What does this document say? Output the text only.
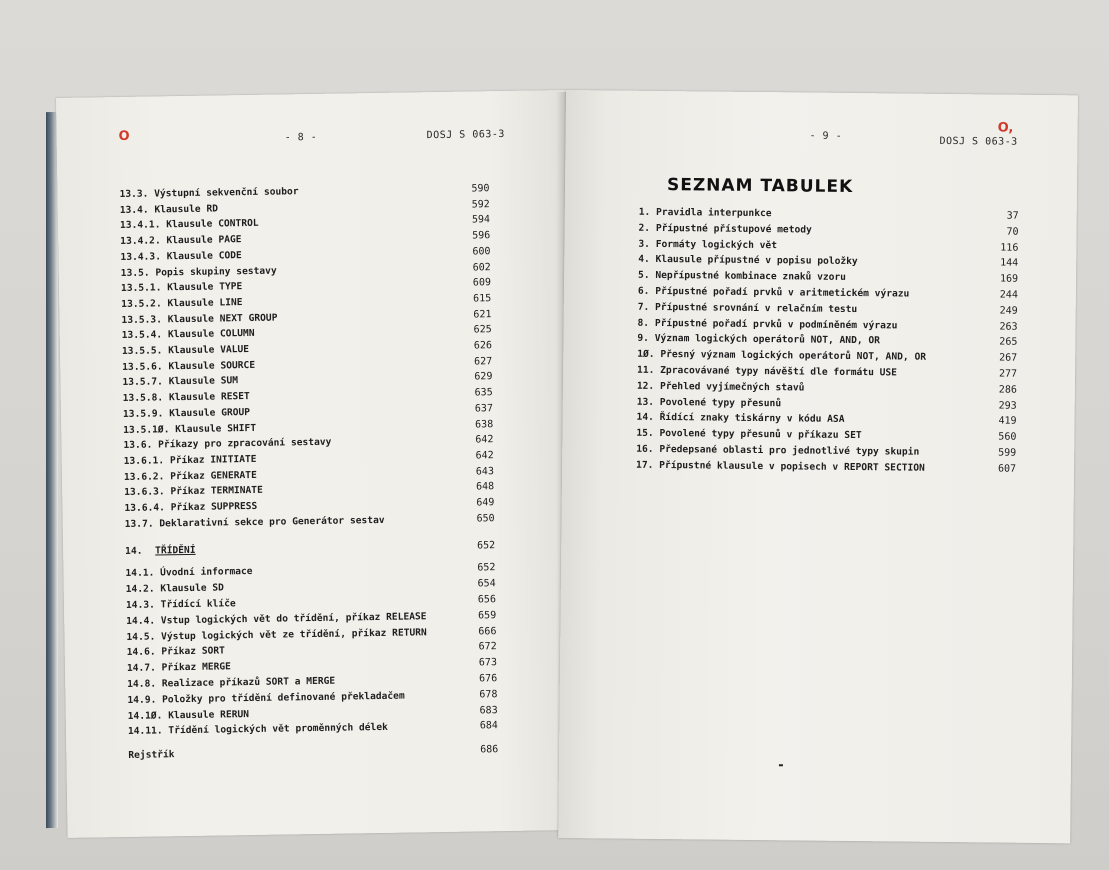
O	- 8 -	DOSJ S 063-3
13.3. Výstupní sekvenční soubor	590
13.4. Klausule RD	592
13.4.1. Klausule CONTROL	594
13.4.2. Klausule PAGE	596
13.4.3. Klausule CODE	600
13.5. Popis skupiny sestavy	602
13.5.1. Klausule TYPE	609
13.5.2. Klausule LINE	615
13.5.3. Klausule NEXT GROUP	621
13.5.4. Klausule COLUMN	625
13.5.5. Klausule VALUE	626
13.5.6. Klausule SOURCE	627
13.5.7. Klausule SUM	629
13.5.8. Klausule RESET	635
13.5.9. Klausule GROUP	637
13.5.1Ø. Klausule SHIFT	638
13.6. Příkazy pro zpracování sestavy	642
13.6.1. Příkaz INITIATE	642
13.6.2. Příkaz GENERATE	643
13.6.3. Příkaz TERMINATE	648
13.6.4. Příkaz SUPPRESS	649
13.7. Deklarativní sekce pro Generátor sestav	650
14. TŘÍDĚNÍ	652
14.1. Úvodní informace	652
14.2. Klausule SD	654
14.3. Třídící klíče	656
14.4. Vstup logických vět do třídění, příkaz RELEASE	659
14.5. Výstup logických vět ze třídění, příkaz RETURN	666
14.6. Příkaz SORT	672
14.7. Příkaz MERGE	673
14.8. Realizace příkazů SORT a MERGE	676
14.9. Položky pro třídění definované překladačem	678
14.1Ø. Klausule RERUN	683
14.11. Třídění logických vět proměnných délek	684
Rejstřík	686
- 9 -	DOSJ S 063-3
O,
SEZNAM TABULEK
1. Pravidla interpunkce	37
2. Přípustné přístupové metody	70
3. Formáty logických vět	116
4. Klausule přípustné v popisu položky	144
5. Nepřípustné kombinace znaků vzoru	169
6. Přípustné pořadí prvků v aritmetickém výrazu	244
7. Přípustné srovnání v relačním testu	249
8. Přípustné pořadí prvků v podmíněném výrazu	263
9. Význam logických operátorů NOT, AND, OR	265
1Ø. Přesný význam logických operátorů NOT, AND, OR	267
11. Zpracovávané typy návěští dle formátu USE	277
12. Přehled vyjímečných stavů	286
13. Povolené typy přesunů	293
14. Řídící znaky tiskárny v kódu ASA	419
15. Povolené typy přesunů v příkazu SET	560
16. Předepsané oblasti pro jednotlivé typy skupin	599
17. Přípustné klausule v popisech v REPORT SECTION	607
